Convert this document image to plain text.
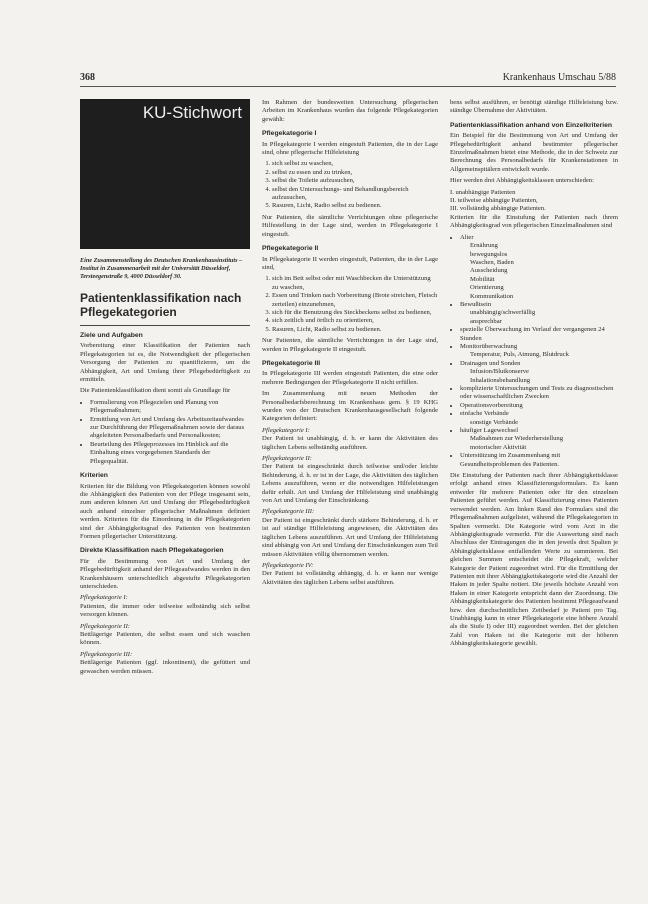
368	Krankenhaus Umschau 5/88
KU-Stichwort
Eine Zusammenstellung des Deutschen Krankenhausinstituts – Institut in Zusammenarbeit mit der Universität Düsseldorf, Tersteegenstraße 9, 4000 Düsseldorf 30.
Patientenklassifikation nach Pflegekategorien
Ziele und Aufgaben

Vorbereitung einer Klassifikation der Patienten nach Pflegekategorien ist es, die Notwendigkeit der pflegerischen Versorgung der Patienten zu quantifizieren, um die Abhängigkeit, Art und Umfang ihrer Pflegebedürftigkeit zu ermitteln.

Die Patientenklassifikation dient somit als Grundlage für

• Formulierung von Pflegezielen und Planung von Pflegemaßnahmen;
• Ermittlung von Art und Umfang des Arbeitszeitaufwandes zur Durchführung der Pflegemaßnahmen sowie der daraus abgeleiteten Personalbedarfs und Personalkosten;
• Beurteilung des Pflegeprozesses im Hinblick auf die Einhaltung eines vorgegebenen Standards der Pflegequalität.
Kriterien

Kriterien für die Bildung von Pflegekategorien können sowohl die Abhängigkeit des Patienten von der Pflege insgesamt sein, zum anderen können Art und Umfang der Pflegebedürftigkeit auch anhand einzelner pflegerischer Maßnahmen definiert werden. Kriterien für die Einordnung in die Pflegekategorien sind der Abhängigkeitsgrad des Patienten von bestimmten Formen pflegerischer Unterstützung.

Direkte Klassifikation nach Pflegekategorien

Für die Bestimmung von Art und Umfang der Pflegebedürftigkeit anhand der Pflegeaufwandes werden in den Krankenhäusern unterschiedlich abgestufte Pflegekategorien unterschieden.

Pflegekategorie I:

Patienten, die immer oder teilweise selbständig sich selbst versorgen können.

Pflegekategorie II:

Bettlägerige Patienten, die selbst essen und sich waschen können.

Pflegekategorie III:

Bettlägerige Patienten (ggf. inkontinent), die gefüttert und gewaschen werden müssen.

Im Rahmen der bundesweiten Untersuchung pflegerischen Arbeiten im Krankenhaus wurden das folgende Pflegekategorien gewählt:

Pflegekategorie I

In Pflegekategorie I werden eingestuft Patienten, die in der Lage sind, ohne pflegerische Hilfeleistung

1. sich selbst zu waschen,
2. selbst zu essen und zu trinken,
3. selbst die Toilette aufzusuchen,
4. selbst den Untersuchungs- und Behandlungsbereich aufzusuchen,
5. Rasuren, Licht, Radio selbst zu bedienen.

Nur Patienten, die sämtliche Verrichtungen ohne pflegerische Hilfestellung in der Lage sind, werden in Pflegekategorie I eingestuft.

Pflegekategorie II

In Pflegekategorie II werden eingestuft, Patienten, die in der Lage sind,

1. sich im Bett selbst oder mit Waschbecken die Unterstützung zu waschen,
2. Essen und Trinken nach Vorbereitung (Brote streichen, Fleisch zerteilen) einzunehmen,
3. sich für die Benutzung des Steckbeckens selbst zu bedienen,
4. sich zeitlich und örtlich zu orientieren,
5. Rasuren, Licht, Radio selbst zu bedienen.

Nur Patienten, die sämtliche Verrichtungen in der Lage sind, werden in Pflegekategorie II eingestuft.

Pflegekategorie III

In Pflegekategorie III werden eingestuft Patienten, die eine oder mehrere Bedingungen der Pflegekategorie II nicht erfüllen.

Im Zusammenhang mit neuen Methoden der Personalbedarfsberechnung im Krankenhaus gem. § 19 KHG wurden von der Deutschen Krankenhausgesellschaft folgende Kategorien definiert:

Pflegekategorie I:

Der Patient ist unabhängig, d. h. er kann die Aktivitäten des täglichen Lebens selbständig ausführen.

Pflegekategorie II:

Der Patient ist eingeschränkt durch teilweise und/oder leichte Behinderung, d. h. er ist in der Lage, die Aktivitäten des täglichen Lebens auszuführen, wenn er die notwendigen Hilfeleistungen dafür erhält. Art und Umfang der Hilfeleistung sind unabhängig von Art und Umfang der Einschränkung.

Pflegekategorie III:

Der Patient ist eingeschränkt durch stärkere Behinderung, d. h. er ist auf ständige Hilfeleistung angewiesen, die Aktivitäten des täglichen Lebens auszuführen. Art und Umfang der Hilfeleistung sind abhängig von Art und Umfang der Einschränkungen zum Teil müssen Aktivitäten völlig übernommen werden.

Pflegekategorie IV:

Der Patient ist vollständig abhängig, d. h. er kann nur wenige Aktivitäten des täglichen Lebens selbst ausführen.

bens selbst ausführen, er benötigt ständige Hilfeleistung bzw. ständige Übernahme der Aktivitäten.

Patientenklassifikation anhand von Einzelkriterien

Ein Beispiel für die Bestimmung von Art und Umfang der Pflegebedürftigkeit anhand bestimmter pflegerischer Einzelmaßnahmen bietet eine Methode, die in der Schweiz zur Berechnung des Personalbedarfs für Krankenstationen in Allgemeinspitälern entwickelt wurde.

Hier werden drei Abhängigkeitsklassen unterschieden:

I. unabhängige Patienten
II. teilweise abhängige Patienten,
III. vollständig abhängige Patienten.

Kriterien für die Einstufung der Patienten nach ihrem Abhängigkeitsgrad von pflegerischen Einzelmaßnahmen sind

• Alter
Ernährung
bewegungslos
Waschen, Baden
Ausscheidung
Mobilität
Orientierung
Kommunikation
• Bewußtsein
unabhängig/schwerfällig
ansprechbar
• spezielle Überwachung im Verlauf der vergangenen 24 Stunden
• Monitorüberwachung
Temperatur, Puls, Atmung, Blutdruck
• Drainagen und Sonden
Infusion/Blutkonserve
Inhalationsbehandlung
• komplizierte Untersuchungen und Tests zu diagnostischen oder wissenschaftlichen Zwecken
• Operationsvorbereitung
• einfache Verbände
sonstige Verbände
• häufiger Lagewechsel
Maßnahmen zur Wiederherstellung
motorischer Aktivität
• Unterstützung im Zusammenhang mit Gesundheitsproblemen des Patienten.

Die Einstufung der Patienten nach ihrer Abhängigkeitsklasse erfolgt anhand eines Klassifizierungsformulars. Es kann entweder für mehrere Patienten oder für den einzelnen Patienten geführt werden. Auf Klassifizierung eines Patienten verwendet werden. Am linken Rand des Formulars sind die Pflegemaßnahmen aufgelistet, während die Pflegekategorien in Spalten vermerkt. Die Kategorie wird vom Arzt in die Abhängigkeitsgrade vermerkt. Für die Auswertung sind nach Abschluss der Eintragungen die in den jeweils drei Spalten je Abhängigkeitsklasse entfallenden Werte zu summieren. Bei gleichen Summen entscheidet die Pflegekraft, welcher Kategorie der Patient zugeordnet wird. Für die Ermittlung der Patienten mit ihrer Abhängigkeitskategorie wird die Anzahl der Haken in jeder Spalte notiert. Die jeweils höchste Anzahl von Haken in einer Kategorie entspricht dann der Zuordnung. Die Abhängigkeitskategorie des Patienten bestimmt Pflegeaufwand bzw. den durchschnittlichen Zeitbedarf je Patient pro Tag. Unabhängig kann in einer Pflegekategorie eine höhere Anzahl als die Stufe I) oder III) zugeordnet werden. Bei der gleichen Zahl von Haken ist die Kategorie mit der höheren Abhängigkeitskategorie gewählt.
